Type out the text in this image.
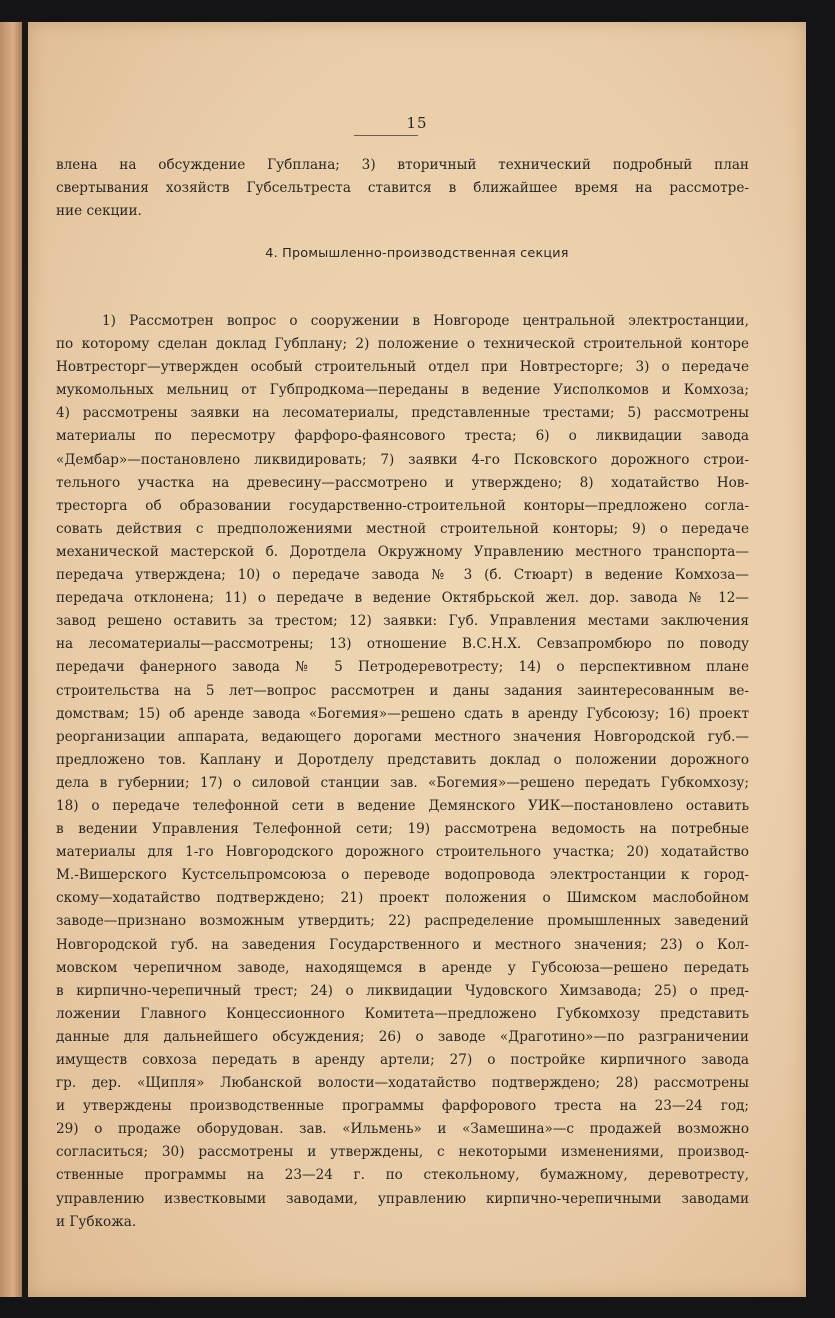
15
влена на обсуждение Губплана; 3) вторичный технический подробный план
свертывания хозяйств Губсельтреста ставится в ближайшее время на рассмотре-
ние секции.
4. Промышленно-производственная секция
1) Рассмотрен вопрос о сооружении в Новгороде центральной электростанции,
по которому сделан доклад Губплану; 2) положение о технической строительной конторе
Новтресторг—утвержден особый строительный отдел при Новтресторге; 3) о передаче
мукомольных мельниц от Губпродкома—переданы в ведение Уисполкомов и Комхоза;
4) рассмотрены заявки на лесоматериалы, представленные трестами; 5) рассмотрены
материалы по пересмотру фарфоро-фаянсового треста; 6) о ликвидации завода
«Дембар»—постановлено ликвидировать; 7) заявки 4-го Псковского дорожного строи-
тельного участка на древесину—рассмотрено и утверждено; 8) ходатайство Нов-
тресторга об образовании государственно-строительной конторы—предложено согла-
совать действия с предположениями местной строительной конторы; 9) о передаче
механической мастерской б. Доротдела Окружному Управлению местного транспорта—
передача утверждена; 10) о передаче завода № 3 (б. Стюарт) в ведение Комхоза—
передача отклонена; 11) о передаче в ведение Октябрьской жел. дор. завода № 12—
завод решено оставить за трестом; 12) заявки: Губ. Управления местами заключения
на лесоматериалы—рассмотрены; 13) отношение В.С.Н.Х. Севзапромбюро по поводу
передачи фанерного завода № 5 Петродеревотресту; 14) о перспективном плане
строительства на 5 лет—вопрос рассмотрен и даны задания заинтересованным ве-
домствам; 15) об аренде завода «Богемия»—решено сдать в аренду Губсоюзу; 16) проект
реорганизации аппарата, ведающего дорогами местного значения Новгородской губ.—
предложено тов. Каплану и Доротделу представить доклад о положении дорожного
дела в губернии; 17) о силовой станции зав. «Богемия»—решено передать Губкомхозу;
18) о передаче телефонной сети в ведение Демянского УИК—постановлено оставить
в ведении Управления Телефонной сети; 19) рассмотрена ведомость на потребные
материалы для 1-го Новгородского дорожного строительного участка; 20) ходатайство
М.-Вишерского Кустсельпромсоюза о переводе водопровода электростанции к город-
скому—ходатайство подтверждено; 21) проект положения о Шимском маслобойном
заводе—признано возможным утвердить; 22) распределение промышленных заведений
Новгородской губ. на заведения Государственного и местного значения; 23) о Кол-
мовском черепичном заводе, находящемся в аренде у Губсоюза—решено передать
в кирпично-черепичный трест; 24) о ликвидации Чудовского Химзавода; 25) о пред-
ложении Главного Концессионного Комитета—предложено Губкомхозу представить
данные для дальнейшего обсуждения; 26) о заводе «Драготино»—по разграничении
имуществ совхоза передать в аренду артели; 27) о постройке кирпичного завода
гр. дер. «Щипля» Любанской волости—ходатайство подтверждено; 28) рассмотрены
и утверждены производственные программы фарфорового треста на 23—24 год;
29) о продаже оборудован. зав. «Ильмень» и «Замешина»—с продажей возможно
согласиться; 30) рассмотрены и утверждены, с некоторыми изменениями, производ-
ственные программы на 23—24 г. по стекольному, бумажному, деревотресту,
управлению известковыми заводами, управлению кирпично-черепичными заводами
и Губкожа.
